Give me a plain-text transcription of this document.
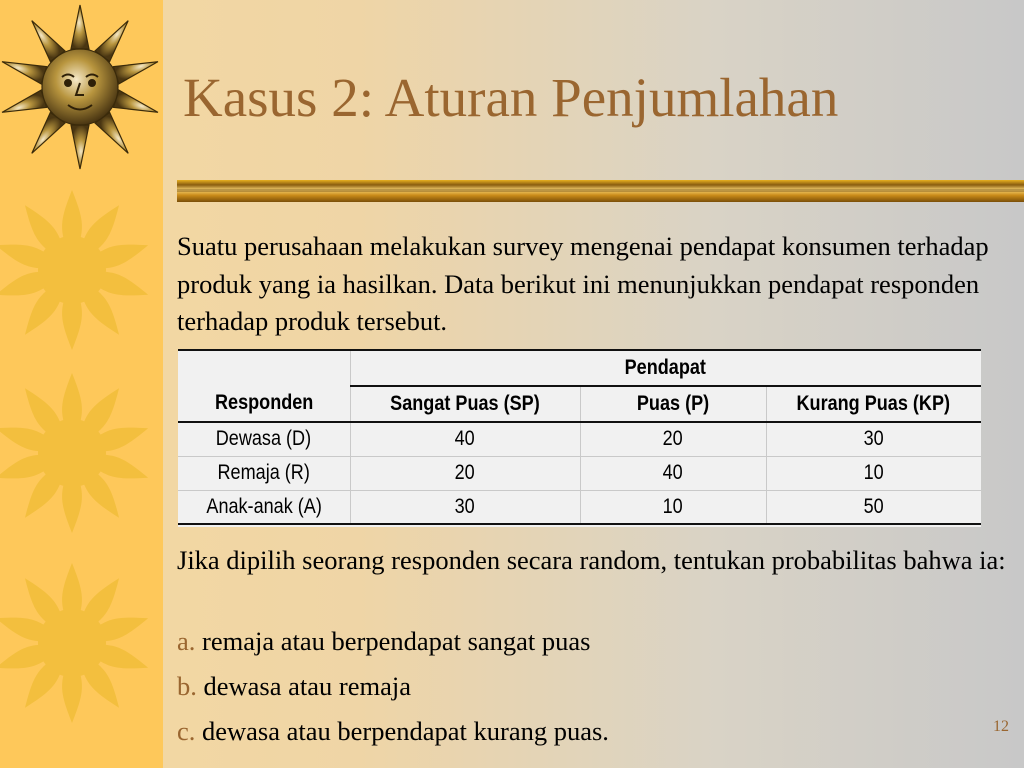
Kasus 2: Aturan Penjumlahan
Suatu perusahaan melakukan survey mengenai pendapat konsumen terhadap produk yang ia hasilkan. Data berikut ini menunjukkan pendapat responden terhadap produk tersebut.
Responden	Pendapat		
	Sangat Puas (SP)	Puas (P)	Kurang Puas (KP)
Dewasa (D)	40	20	30
Remaja (R)	20	40	10
Anak-anak (A)	30	10	50
Jika dipilih seorang responden secara random, tentukan probabilitas bahwa ia:
a. remaja atau berpendapat sangat puas
b. dewasa atau remaja
c. dewasa atau berpendapat kurang puas.	12
